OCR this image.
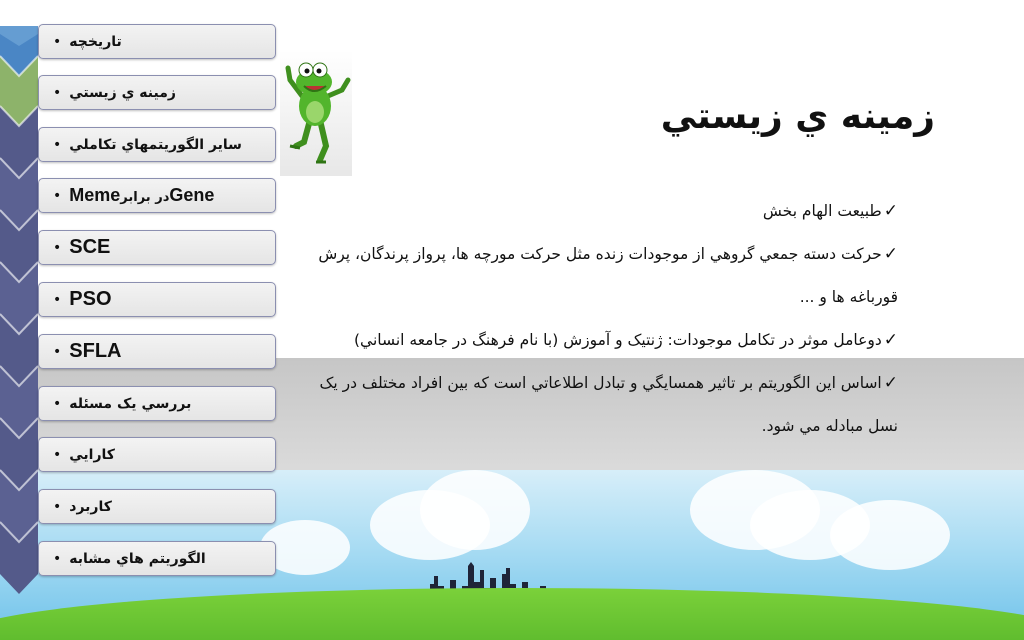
• تاریخچه
• زمينه ي زيستي
• ساير الگوريتمهاي تکاملي
• Memeدر برابرGene
• SCE
• PSO
• SFLA
• بررسي یک مسئله
• کارايي
• کاربرد
• الگوريتم هاي مشابه
زمينه ي زيستي

✓طبیعت الهام بخش

✓حرکت دسته جمعي گروهي از موجودات زنده مثل حرکت مورچه ها، پرواز پرندگان، پرش قورباغه ها و ...

✓دوعامل موثر در تکامل موجودات: ژنتيک و آموزش (با نام فرهنگ در جامعه انساني)

✓اساس اين الگوريتم بر تاثير همسايگي و تبادل اطلاعاتي است که بين افراد مختلف در يک نسل مبادله مي شود.
